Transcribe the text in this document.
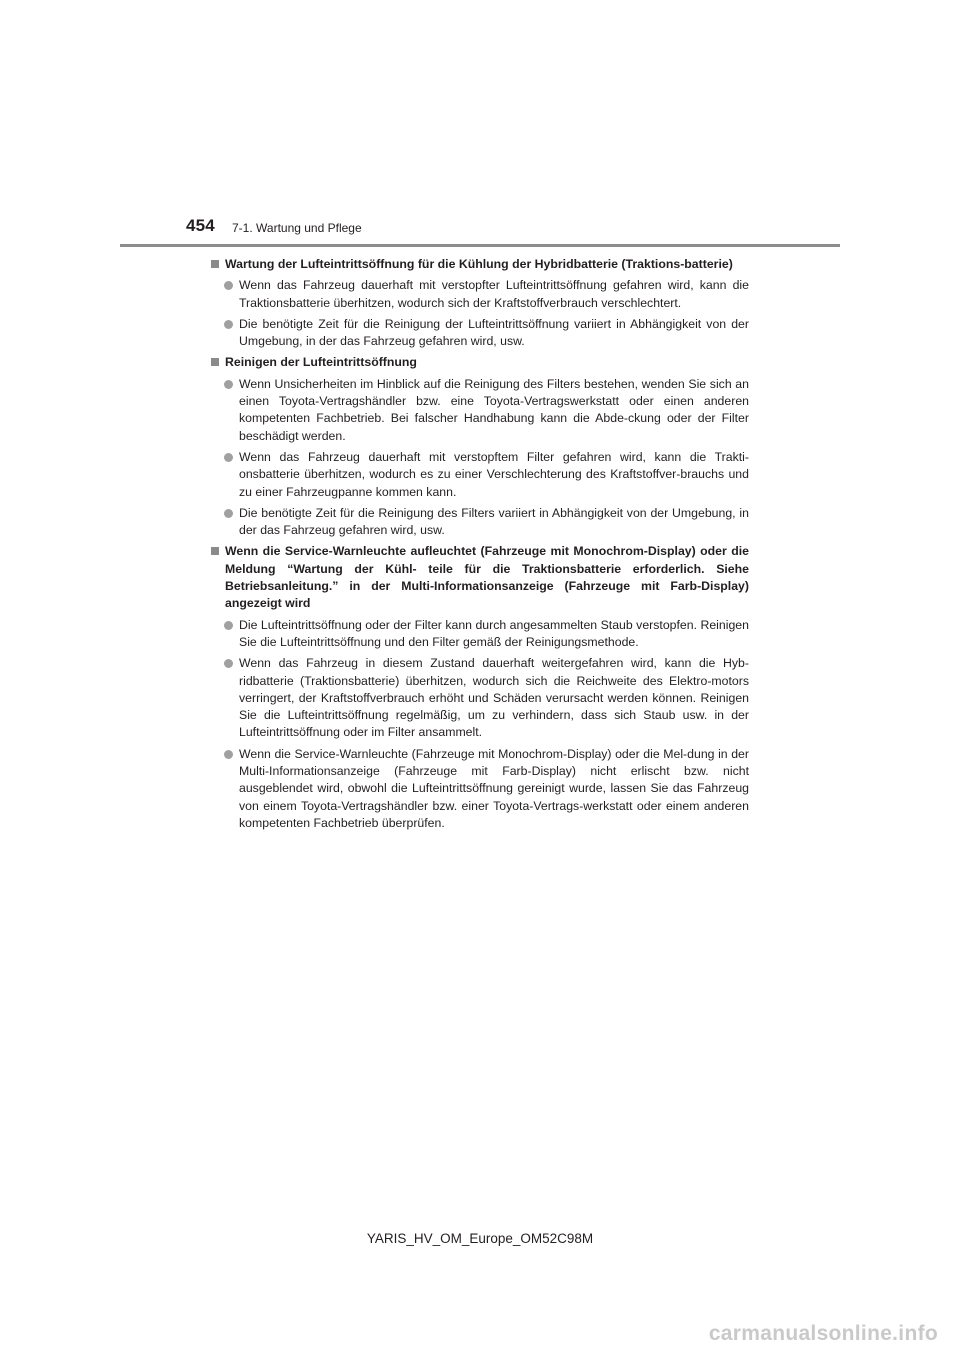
454 7-1. Wartung und Pflege
Wartung der Lufteintrittsöffnung für die Kühlung der Hybridbatterie (Traktions-batterie)
Wenn das Fahrzeug dauerhaft mit verstopfter Lufteintrittsöffnung gefahren wird, kann die Traktionsbatterie überhitzen, wodurch sich der Kraftstoffverbrauch verschlechtert.
Die benötigte Zeit für die Reinigung der Lufteintrittsöffnung variiert in Abhängigkeit von der Umgebung, in der das Fahrzeug gefahren wird, usw.
Reinigen der Lufteintrittsöffnung
Wenn Unsicherheiten im Hinblick auf die Reinigung des Filters bestehen, wenden Sie sich an einen Toyota-Vertragshändler bzw. eine Toyota-Vertragswerkstatt oder einen anderen kompetenten Fachbetrieb. Bei falscher Handhabung kann die Abde-ckung oder der Filter beschädigt werden.
Wenn das Fahrzeug dauerhaft mit verstopftem Filter gefahren wird, kann die Trakti-onsbatterie überhitzen, wodurch es zu einer Verschlechterung des Kraftstoffver-brauchs und zu einer Fahrzeugpanne kommen kann.
Die benötigte Zeit für die Reinigung des Filters variiert in Abhängigkeit von der Umgebung, in der das Fahrzeug gefahren wird, usw.
Wenn die Service-Warnleuchte aufleuchtet (Fahrzeuge mit Monochrom-Display) oder die Meldung “Wartung der Kühl- teile für die Traktionsbatterie erforderlich. Siehe Betriebsanleitung.” in der Multi-Informationsanzeige (Fahrzeuge mit Farb-Display) angezeigt wird
Die Lufteintrittsöffnung oder der Filter kann durch angesammelten Staub verstopfen. Reinigen Sie die Lufteintrittsöffnung und den Filter gemäß der Reinigungsmethode.
Wenn das Fahrzeug in diesem Zustand dauerhaft weitergefahren wird, kann die Hyb-ridbatterie (Traktionsbatterie) überhitzen, wodurch sich die Reichweite des Elektro-motors verringert, der Kraftstoffverbrauch erhöht und Schäden verursacht werden können. Reinigen Sie die Lufteintrittsöffnung regelmäßig, um zu verhindern, dass sich Staub usw. in der Lufteintrittsöffnung oder im Filter ansammelt.
Wenn die Service-Warnleuchte (Fahrzeuge mit Monochrom-Display) oder die Mel-dung in der Multi-Informationsanzeige (Fahrzeuge mit Farb-Display) nicht erlischt bzw. nicht ausgeblendet wird, obwohl die Lufteintrittsöffnung gereinigt wurde, lassen Sie das Fahrzeug von einem Toyota-Vertragshändler bzw. einer Toyota-Vertrags-werkstatt oder einem anderen kompetenten Fachbetrieb überprüfen.
YARIS_HV_OM_Europe_OM52C98M
carmanualsonline.info
